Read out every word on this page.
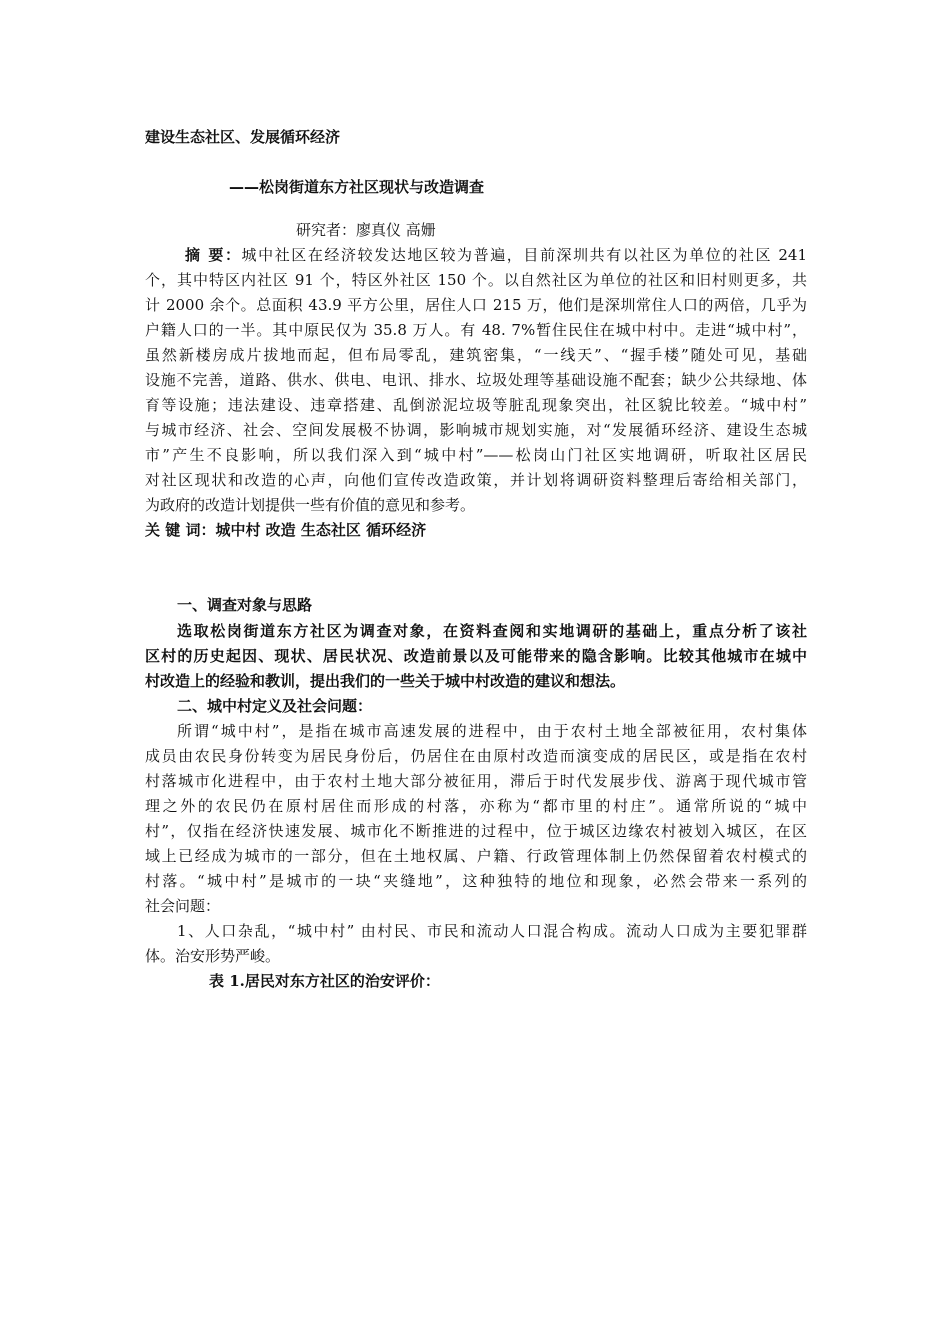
建设生态社区、发展循环经济
——松岗街道东方社区现状与改造调查
研究者：廖真仪 高姗
摘 要：城中社区在经济较发达地区较为普遍，目前深圳共有以社区为单位的社区 241
个，其中特区内社区 91 个，特区外社区 150 个。以自然社区为单位的社区和旧村则更多，共
计 2000 余个。总面积 43.9 平方公里，居住人口 215 万，他们是深圳常住人口的两倍，几乎为
户籍人口的一半。其中原民仅为 35.8 万人。有 48. 7%暂住民住在城中村中。走进“城中村”，
虽然新楼房成片拔地而起，但布局零乱，建筑密集，“一线天”、“握手楼”随处可见，基础
设施不完善，道路、供水、供电、电讯、排水、垃圾处理等基础设施不配套；缺少公共绿地、体
育等设施；违法建设、违章搭建、乱倒淤泥垃圾等脏乱现象突出，社区貌比较差。“城中村”
与城市经济、社会、空间发展极不协调，影响城市规划实施，对“发展循环经济、建设生态城
市”产生不良影响，所以我们深入到“城中村”——松岗山门社区实地调研，听取社区居民
对社区现状和改造的心声，向他们宣传改造政策，并计划将调研资料整理后寄给相关部门，
为政府的改造计划提供一些有价值的意见和参考。
关 键 词：城中村 改造 生态社区 循环经济
一、调查对象与思路
选取松岗街道东方社区为调查对象，在资料查阅和实地调研的基础上，重点分析了该社
区村的历史起因、现状、居民状况、改造前景以及可能带来的隐含影响。比较其他城市在城中
村改造上的经验和教训，提出我们的一些关于城中村改造的建议和想法。
二、城中村定义及社会问题：
所谓“城中村”，是指在城市高速发展的进程中，由于农村土地全部被征用，农村集体
成员由农民身份转变为居民身份后，仍居住在由原村改造而演变成的居民区，或是指在农村
村落城市化进程中，由于农村土地大部分被征用，滞后于时代发展步伐、游离于现代城市管
理之外的农民仍在原村居住而形成的村落，亦称为“都市里的村庄”。通常所说的“城中
村”，仅指在经济快速发展、城市化不断推进的过程中，位于城区边缘农村被划入城区，在区
域上已经成为城市的一部分，但在土地权属、户籍、行政管理体制上仍然保留着农村模式的
村落。“城中村”是城市的一块“夹缝地”，这种独特的地位和现象，必然会带来一系列的
社会问题：
1、人口杂乱，“城中村” 由村民、市民和流动人口混合构成。流动人口成为主要犯罪群
体。治安形势严峻。
表 1.居民对东方社区的治安评价：
